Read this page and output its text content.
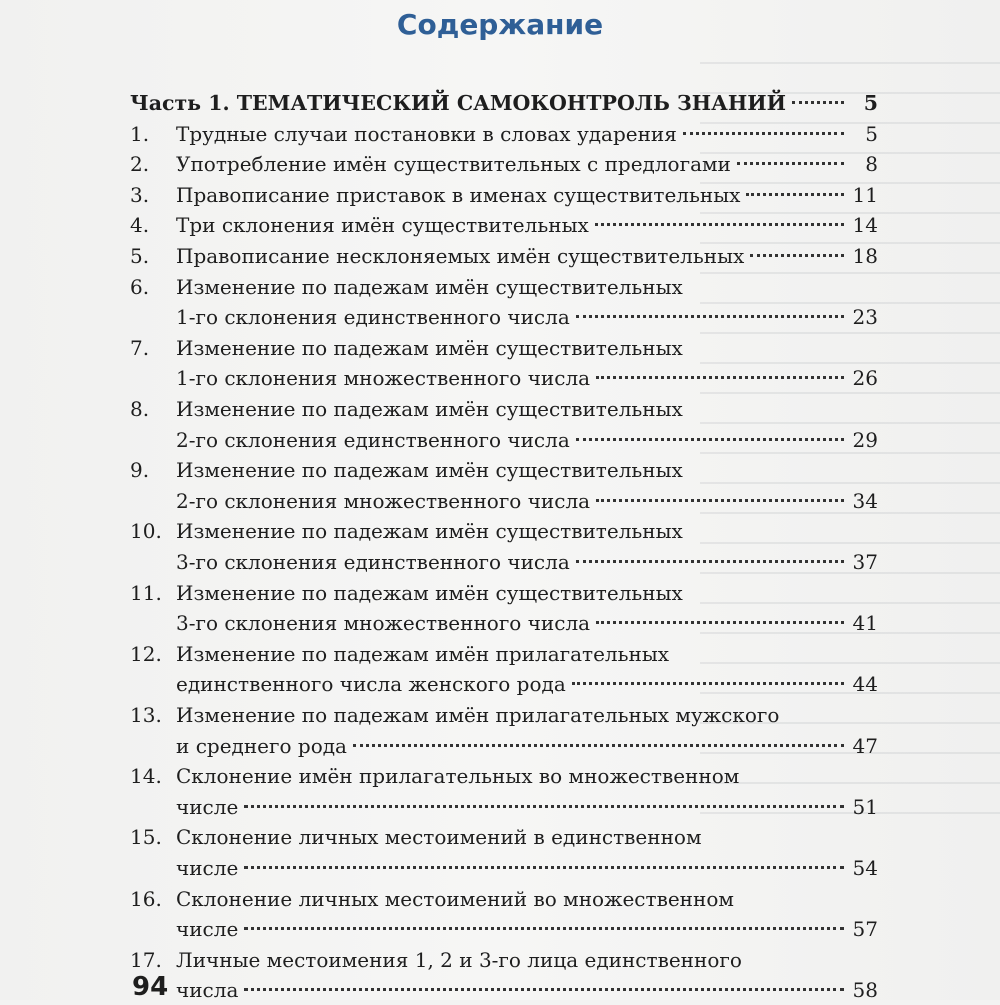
Содержание
Часть 1. ТЕМАТИЧЕСКИЙ САМОКОНТРОЛЬ ЗНАНИЙ	5
1.	Трудные случаи постановки в словах ударения	5
2.	Употребление имён существительных с предлогами	8
3.	Правописание приставок в именах существительных	11
4.	Три склонения имён существительных	14
5.	Правописание несклоняемых имён существительных	18
6.	Изменение по падежам имён существительных
1-го склонения единственного числа	23
7.	Изменение по падежам имён существительных
1-го склонения множественного числа	26
8.	Изменение по падежам имён существительных
2-го склонения единственного числа	29
9.	Изменение по падежам имён существительных
2-го склонения множественного числа	34
10. Изменение по падежам имён существительных
3-го склонения единственного числа	37
11. Изменение по падежам имён существительных
3-го склонения множественного числа	41
12. Изменение по падежам имён прилагательных
единственного числа женского рода	44
13. Изменение по падежам имён прилагательных мужского
и среднего рода	47
14. Склонение имён прилагательных во множественном
числе	51
15. Склонение личных местоимений в единственном
числе	54
16. Склонение личных местоимений во множественном
числе	57
17. Личные местоимения 1, 2 и 3-го лица единственного
числа	58
94
